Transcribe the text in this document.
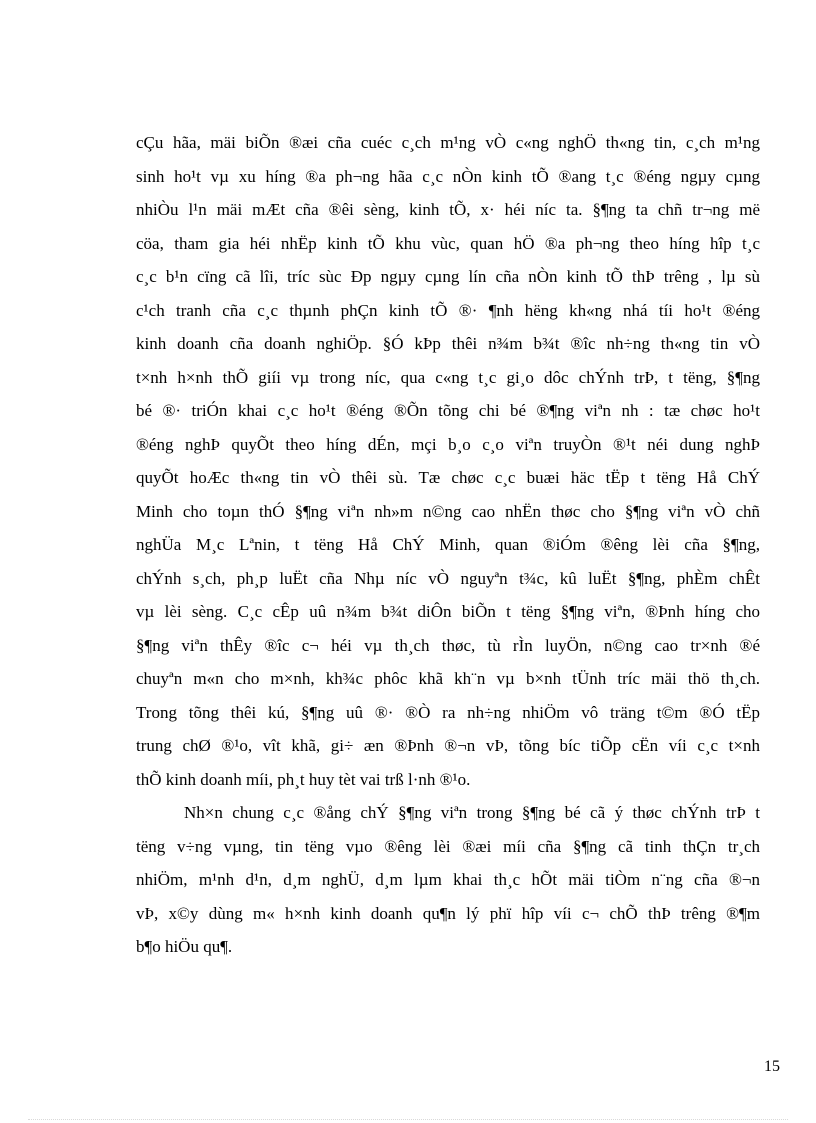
cÇu hãa, mäi biÕn ®æi cña cuéc c¸ch m¹ng vÒ c«ng nghÖ th«ng tin, c¸ch m¹ng
sinh ho¹t vµ xu híng ®a ph¬ng hãa c¸c nÒn kinh tÕ ®ang t¸c ®éng ngµy cµng
nhiÒu l¹n mäi mÆt cña ®êi sèng, kinh tÕ, x· héi níc ta. §¶ng ta chñ tr¬ng më
cöa, tham gia héi nhËp kinh tÕ khu vùc, quan hÖ ®a ph¬ng theo híng hîp t¸c
c¸c b¹n cïng cã lîi, tríc sùc Ðp ngµy cµng lín cña nÒn kinh tÕ thÞ trêng , lµ sù
c¹ch tranh cña c¸c thµnh phÇn kinh tÕ ®· ¶nh hëng kh«ng nhá tíi ho¹t ®éng
kinh doanh cña doanh nghiÖp. §Ó kÞp thêi n¾m b¾t ®îc nh÷ng th«ng tin vÒ
t×nh h×nh thÕ giíi vµ trong níc, qua c«ng t¸c gi¸o dôc chÝnh trÞ, t tëng, §¶ng
bé ®· triÓn khai c¸c ho¹t ®éng ®Õn tõng chi bé ®¶ng viªn nh : tæ chøc ho¹t
®éng nghÞ quyÕt theo híng dÉn, mçi b¸o c¸o viªn truyÒn ®¹t néi dung nghÞ
quyÕt hoÆc th«ng tin vÒ thêi sù. Tæ chøc c¸c buæi häc tËp t tëng Hå ChÝ
Minh cho toµn thÓ §¶ng viªn nh»m n©ng cao nhËn thøc cho §¶ng viªn vÒ chñ
nghÜa M¸c Lªnin, t tëng Hå ChÝ Minh, quan ®iÓm ®êng lèi cña §¶ng,
chÝnh s¸ch, ph¸p luËt cña Nhµ níc vÒ nguyªn t¾c, kû luËt §¶ng, phÈm chÊt
vµ lèi sèng. C¸c cÊp uû n¾m b¾t diÔn biÕn t tëng §¶ng viªn, ®Þnh híng cho
§¶ng viªn thÊy ®îc c¬ héi vµ th¸ch thøc, tù rÌn luyÖn, n©ng cao tr×nh ®é
chuyªn m«n cho m×nh, kh¾c phôc khã kh¨n vµ b×nh tÜnh tríc mäi thö th¸ch.
Trong tõng thêi kú, §¶ng uû ®· ®Ò ra nh÷ng nhiÖm vô träng t©m ®Ó tËp
trung chØ ®¹o, vît khã, gi÷ æn ®Þnh ®¬n vÞ, tõng bíc tiÕp cËn víi c¸c t×nh
thÕ kinh doanh míi, ph¸t huy tèt vai trß l·nh ®¹o.
Nh×n chung c¸c ®ång chÝ §¶ng viªn trong §¶ng bé cã ý thøc chÝnh trÞ t
tëng v÷ng vµng, tin tëng vµo ®êng lèi ®æi míi cña §¶ng cã tinh thÇn tr¸ch
nhiÖm, m¹nh d¹n, d¸m nghÜ, d¸m lµm khai th¸c hÕt mäi tiÒm n¨ng cña ®¬n
vÞ, x©y dùng m« h×nh kinh doanh qu¶n lý phï hîp víi c¬ chÕ thÞ trêng ®¶m
b¶o hiÖu qu¶.
15
